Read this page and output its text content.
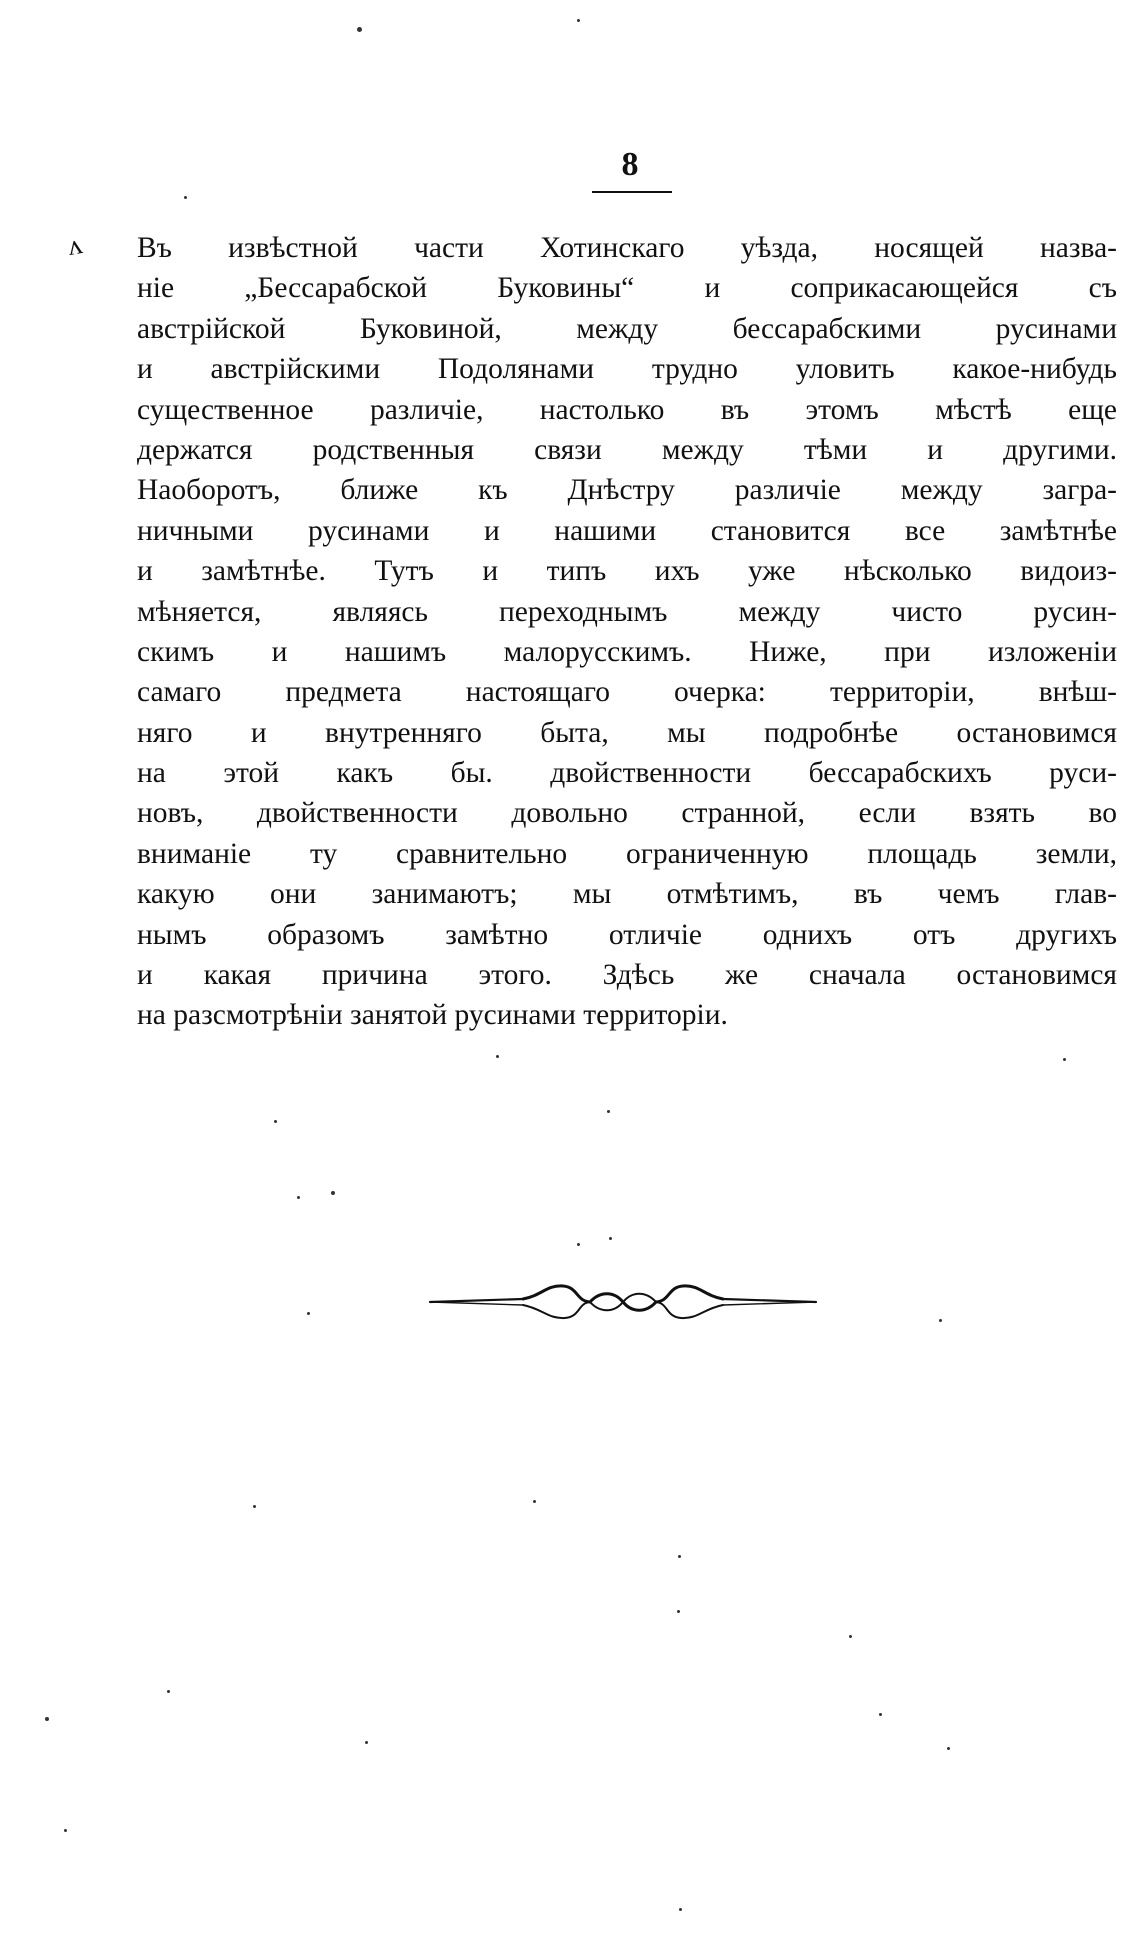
8
ʌ Въ извѣстной части Хотинскаго уѣзда, носящей назва-
ніе „Бессарабской Буковины“ и соприкасающейся съ
австрійской Буковиной, между бессарабскими русинами
и австрійскими Подолянами трудно уловить какое-нибудь
существенное различіе, настолько въ этомъ мѣстѣ еще
держатся родственныя связи между тѣми и другими.
Наоборотъ, ближе къ Днѣстру различіе между загра-
ничными русинами и нашими становится все замѣтнѣе
и замѣтнѣе. Тутъ и типъ ихъ уже нѣсколько видоиз-
мѣняется, являясь переходнымъ между чисто русин-
скимъ и нашимъ малорусскимъ. Ниже, при изложеніи
самаго предмета настоящаго очерка: территоріи, внѣш-
няго и внутренняго быта, мы подробнѣе остановимся
на этой какъ бы. двойственности бессарабскихъ руси-
новъ, двойственности довольно странной, если взять во
вниманіе ту сравнительно ограниченную площадь земли,
какую они занимаютъ; мы отмѣтимъ, въ чемъ глав-
нымъ образомъ замѣтно отличіе однихъ отъ другихъ
и какая причина этого. Здѣсь же сначала остановимся
на разсмотрѣніи занятой русинами территоріи.
